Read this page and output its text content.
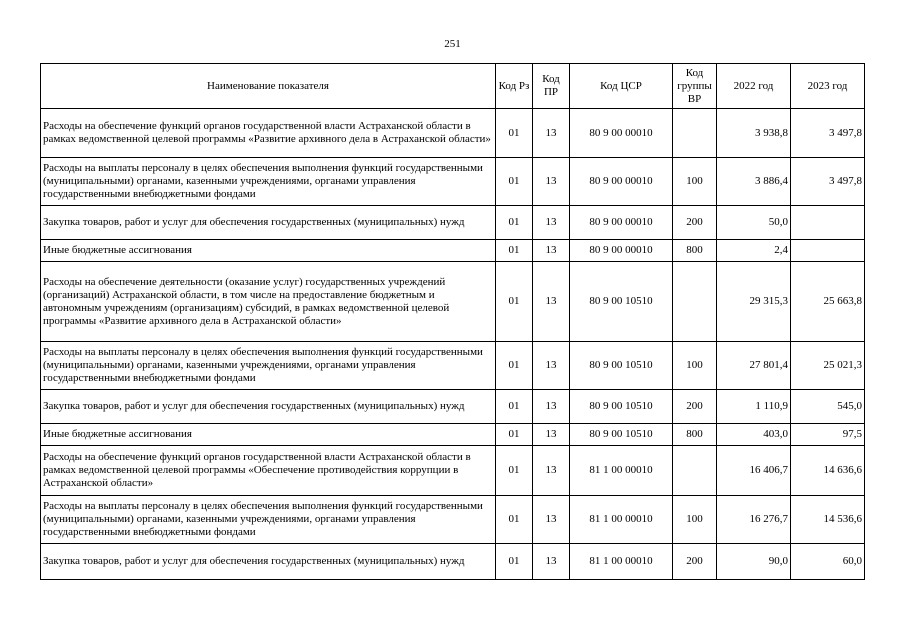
251
Наименование показателя	Код Рз	Код ПР	Код ЦСР	Код группы ВР	2022 год	2023 год
Расходы на обеспечение функций органов государственной власти Астраханской области в рамках ведомственной целевой программы «Развитие архивного дела в Астраханской области»	01	13	80 9 00 00010		3 938,8	3 497,8
Расходы на выплаты персоналу в целях обеспечения выполнения функций государственными (муниципальными) органами, казенными учреждениями, органами управления государственными внебюджетными фондами	01	13	80 9 00 00010	100	3 886,4	3 497,8
Закупка товаров, работ и услуг для обеспечения государственных (муниципальных) нужд	01	13	80 9 00 00010	200	50,0	
Иные бюджетные ассигнования	01	13	80 9 00 00010	800	2,4	
Расходы на обеспечение деятельности (оказание услуг) государственных учреждений (организаций) Астраханской области, в том числе на предоставление бюджетным и автономным учреждениям (организациям) субсидий, в рамках ведомственной целевой программы «Развитие архивного дела в Астраханской области»	01	13	80 9 00 10510		29 315,3	25 663,8
Расходы на выплаты персоналу в целях обеспечения выполнения функций государственными (муниципальными) органами, казенными учреждениями, органами управления государственными внебюджетными фондами	01	13	80 9 00 10510	100	27 801,4	25 021,3
Закупка товаров, работ и услуг для обеспечения государственных (муниципальных) нужд	01	13	80 9 00 10510	200	1 110,9	545,0
Иные бюджетные ассигнования	01	13	80 9 00 10510	800	403,0	97,5
Расходы на обеспечение функций органов государственной власти Астраханской области в рамках ведомственной целевой программы «Обеспечение противодействия коррупции в Астраханской области»	01	13	81 1 00 00010		16 406,7	14 636,6
Расходы на выплаты персоналу в целях обеспечения выполнения функций государственными (муниципальными) органами, казенными учреждениями, органами управления государственными внебюджетными фондами	01	13	81 1 00 00010	100	16 276,7	14 536,6
Закупка товаров, работ и услуг для обеспечения государственных (муниципальных) нужд	01	13	81 1 00 00010	200	90,0	60,0
